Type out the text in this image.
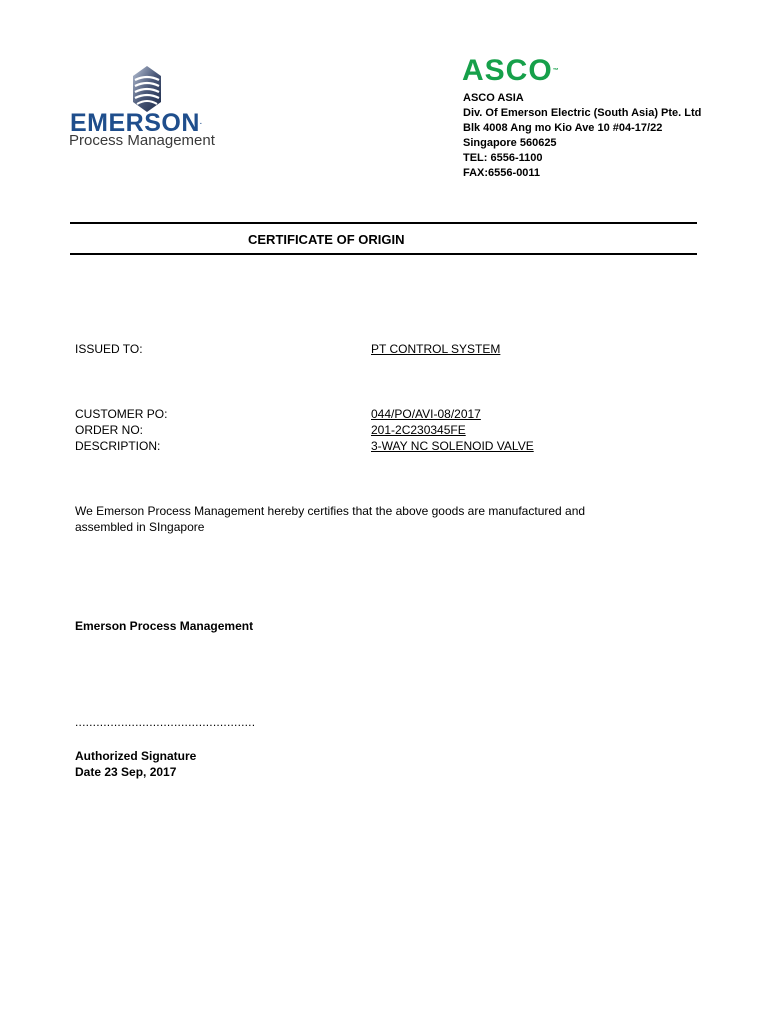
EMERSON.
Process Management
ASCO™
ASCO ASIA
Div. Of Emerson Electric (South Asia) Pte. Ltd
Blk 4008 Ang mo Kio Ave 10 #04-17/22
Singapore 560625
TEL: 6556-1100
FAX:6556-0011
CERTIFICATE OF ORIGIN
ISSUED TO:	PT CONTROL SYSTEM
CUSTOMER PO:	044/PO/AVI-08/2017
ORDER NO:	201-2C230345FE
DESCRIPTION:	3-WAY NC SOLENOID VALVE
We Emerson Process Management hereby certifies that the above goods are manufactured and
assembled in SIngapore
Emerson Process Management
...................................................
Authorized Signature
Date 23 Sep, 2017
